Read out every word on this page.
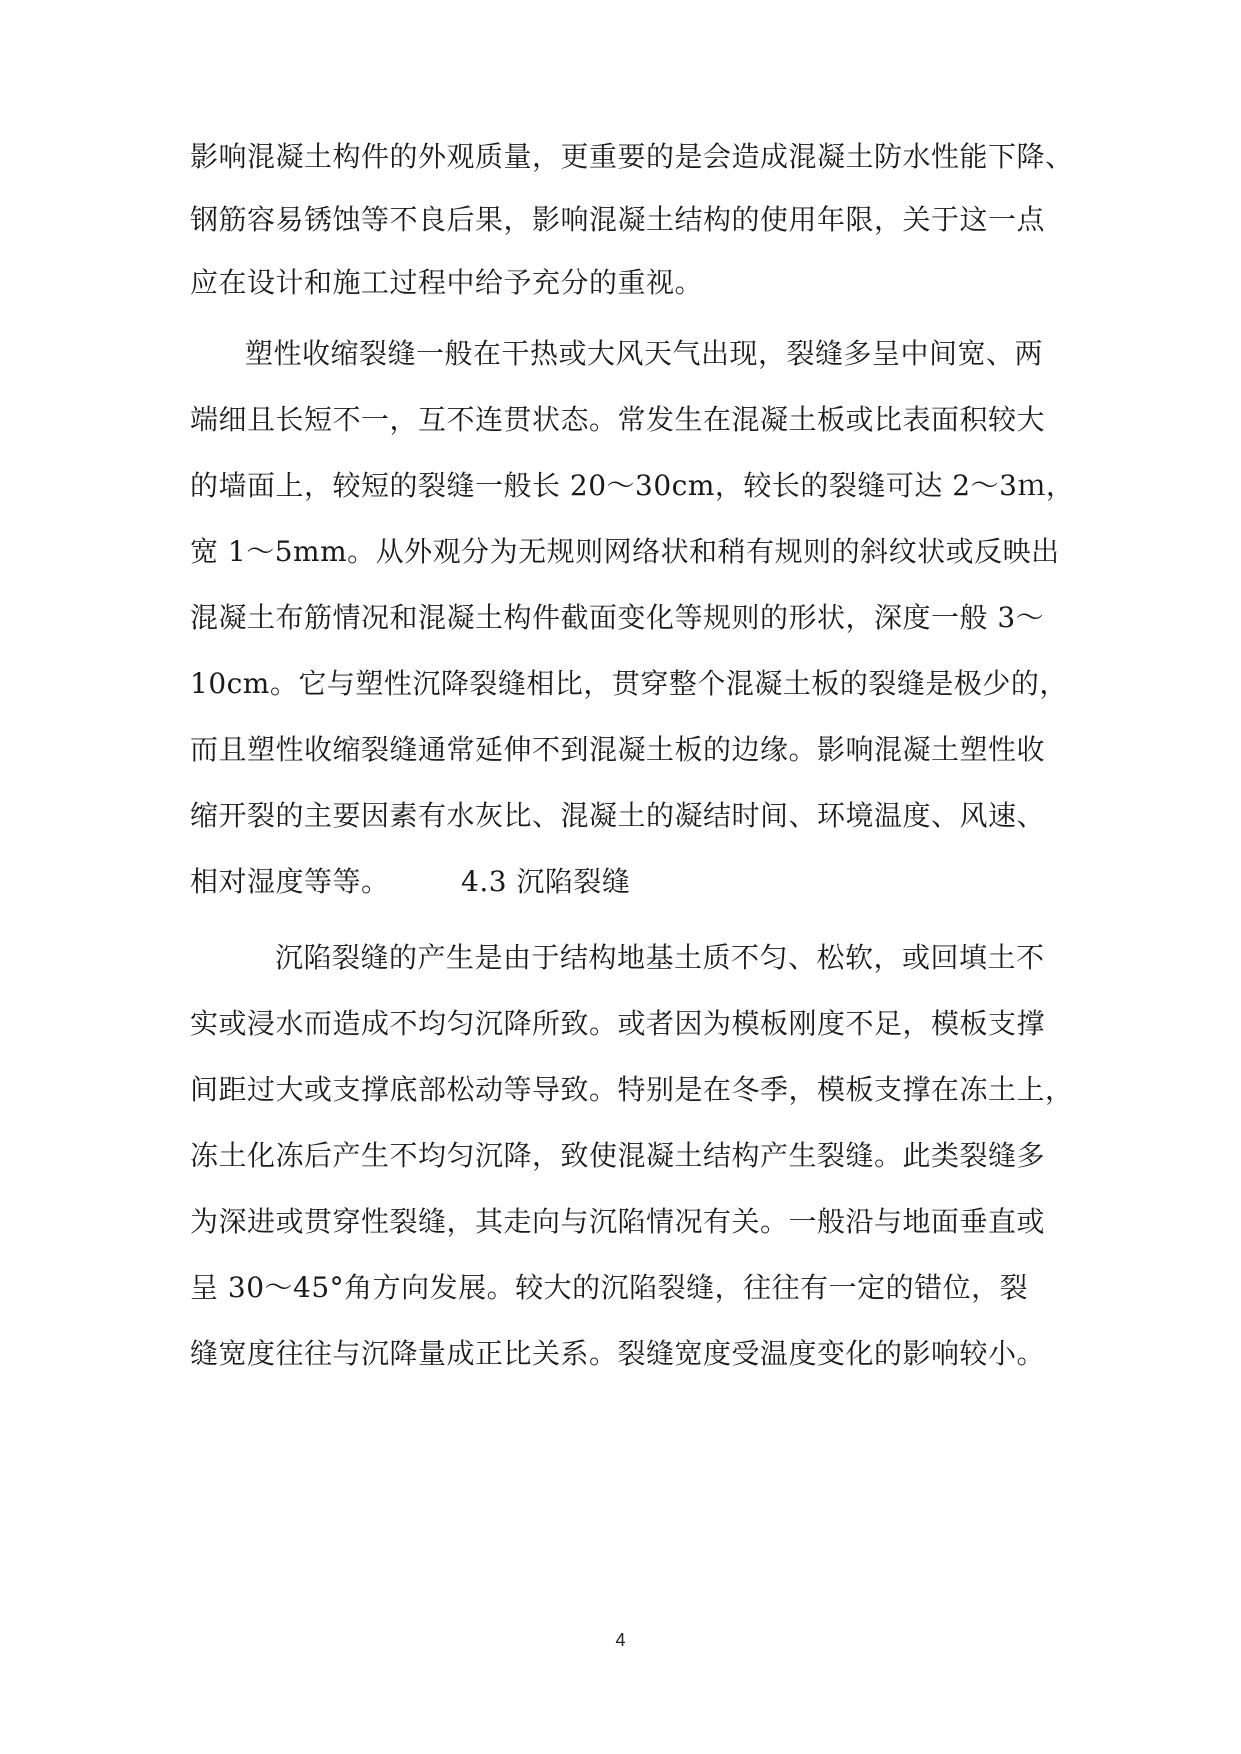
影响混凝土构件的外观质量，更重要的是会造成混凝土防水性能下降、
钢筋容易锈蚀等不良后果，影响混凝土结构的使用年限，关于这一点
应在设计和施工过程中给予充分的重视。
塑性收缩裂缝一般在干热或大风天气出现，裂缝多呈中间宽、两
端细且长短不一，互不连贯状态。常发生在混凝土板或比表面积较大
的墙面上，较短的裂缝一般长 20～30cm，较长的裂缝可达 2～3ｍ，
宽 1～5mm。从外观分为无规则网络状和稍有规则的斜纹状或反映出
混凝土布筋情况和混凝土构件截面变化等规则的形状，深度一般 3～
10cm。它与塑性沉降裂缝相比，贯穿整个混凝土板的裂缝是极少的，
而且塑性收缩裂缝通常延伸不到混凝土板的边缘。影响混凝土塑性收
缩开裂的主要因素有水灰比、混凝土的凝结时间、环境温度、风速、
相对湿度等等。　　　4.3 沉陷裂缝
沉陷裂缝的产生是由于结构地基土质不匀、松软，或回填土不
实或浸水而造成不均匀沉降所致。或者因为模板刚度不足，模板支撑
间距过大或支撑底部松动等导致。特别是在冬季，模板支撑在冻土上，
冻土化冻后产生不均匀沉降，致使混凝土结构产生裂缝。此类裂缝多
为深进或贯穿性裂缝，其走向与沉陷情况有关。一般沿与地面垂直或
呈 30～45°角方向发展。较大的沉陷裂缝，往往有一定的错位，裂
缝宽度往往与沉降量成正比关系。裂缝宽度受温度变化的影响较小。
4
